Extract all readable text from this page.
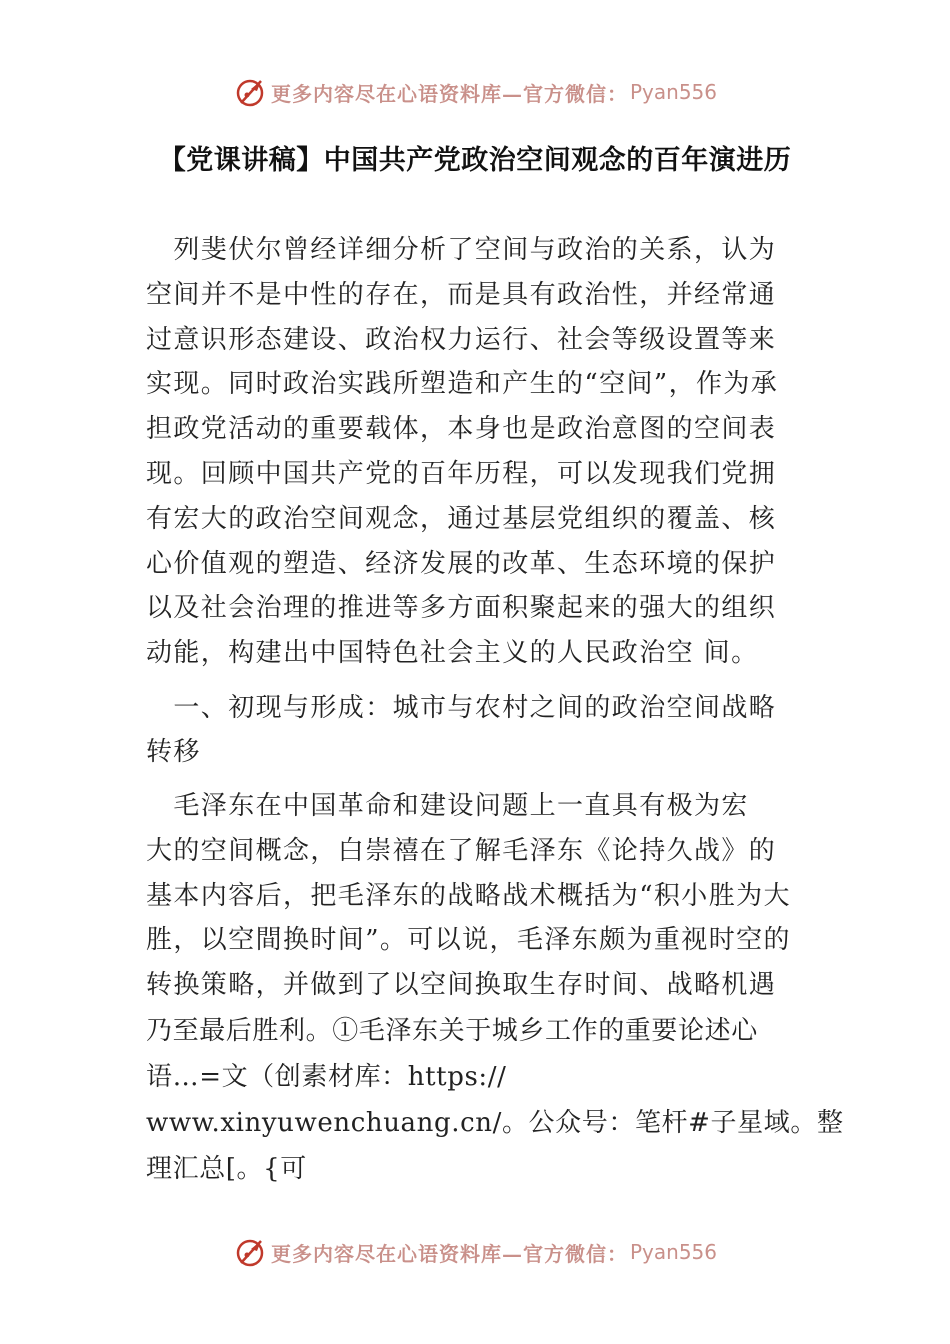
更多内容尽在心语资料库—官方微信： Pyan556
【党课讲稿】中国共产党政治空间观念的百年演进历
　列斐伏尔曾经详细分析了空间与政治的关系，认为
空间并不是中性的存在，而是具有政治性，并经常通
过意识形态建设、政治权力运行、社会等级设置等来
实现。同时政治实践所塑造和产生的“空间”，作为承
担政党活动的重要载体，本身也是政治意图的空间表
现。回顾中国共产党的百年历程，可以发现我们党拥
有宏大的政治空间观念，通过基层党组织的覆盖、核
心价值观的塑造、经济发展的改革、生态环境的保护
以及社会治理的推进等多方面积聚起来的强大的组织
动能，构建出中国特色社会主义的人民政治空 间。
　一、初现与形成：城市与农村之间的政治空间战略
转移
　毛泽东在中国革命和建设问题上一直具有极为宏
大的空间概念，白崇禧在了解毛泽东《论持久战》的
基本内容后，把毛泽东的战略战术概括为“积小胜为大
胜，以空間换时间”。可以说，毛泽东颇为重视时空的
转换策略，并做到了以空间换取生存时间、战略机遇
乃至最后胜利。①毛泽东关于城乡工作的重要论述心
语…=文（创素材库：https://
www.xinyuwenchuang.cn/。公众号：笔杆#子星域。整
理汇总[。{可
更多内容尽在心语资料库—官方微信： Pyan556
